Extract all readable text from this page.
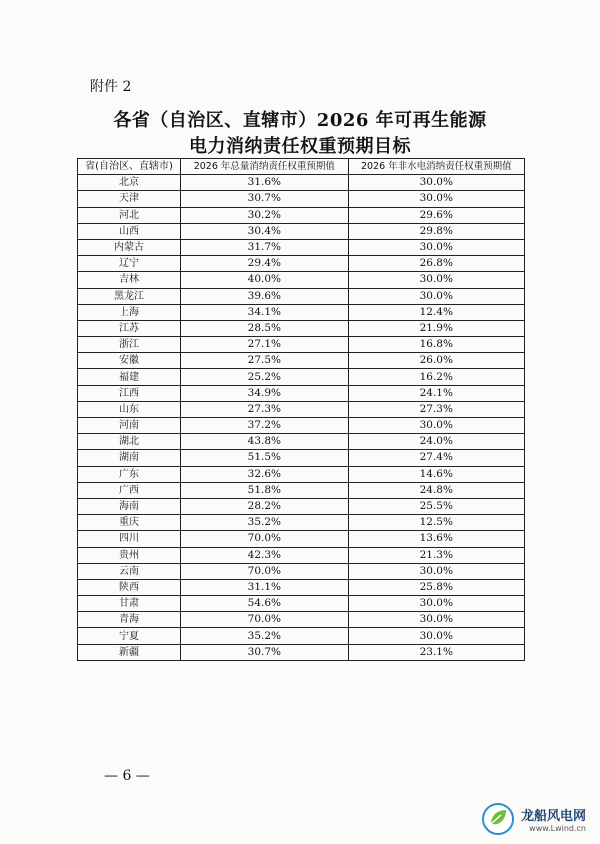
附件 2
各省（自治区、直辖市）2026 年可再生能源
电力消纳责任权重预期目标
省(自治区、直辖市)	2026 年总量消纳责任权重预期值	2026 年非水电消纳责任权重预期值
北京	31.6%	30.0%
天津	30.7%	30.0%
河北	30.2%	29.6%
山西	30.4%	29.8%
内蒙古	31.7%	30.0%
辽宁	29.4%	26.8%
吉林	40.0%	30.0%
黑龙江	39.6%	30.0%
上海	34.1%	12.4%
江苏	28.5%	21.9%
浙江	27.1%	16.8%
安徽	27.5%	26.0%
福建	25.2%	16.2%
江西	34.9%	24.1%
山东	27.3%	27.3%
河南	37.2%	30.0%
湖北	43.8%	24.0%
湖南	51.5%	27.4%
广东	32.6%	14.6%
广西	51.8%	24.8%
海南	28.2%	25.5%
重庆	35.2%	12.5%
四川	70.0%	13.6%
贵州	42.3%	21.3%
云南	70.0%	30.0%
陕西	31.1%	25.8%
甘肃	54.6%	30.0%
青海	70.0%	30.0%
宁夏	35.2%	30.0%
新疆	30.7%	23.1%
— 6 —
龙船风电网
www.Lwind.cn
